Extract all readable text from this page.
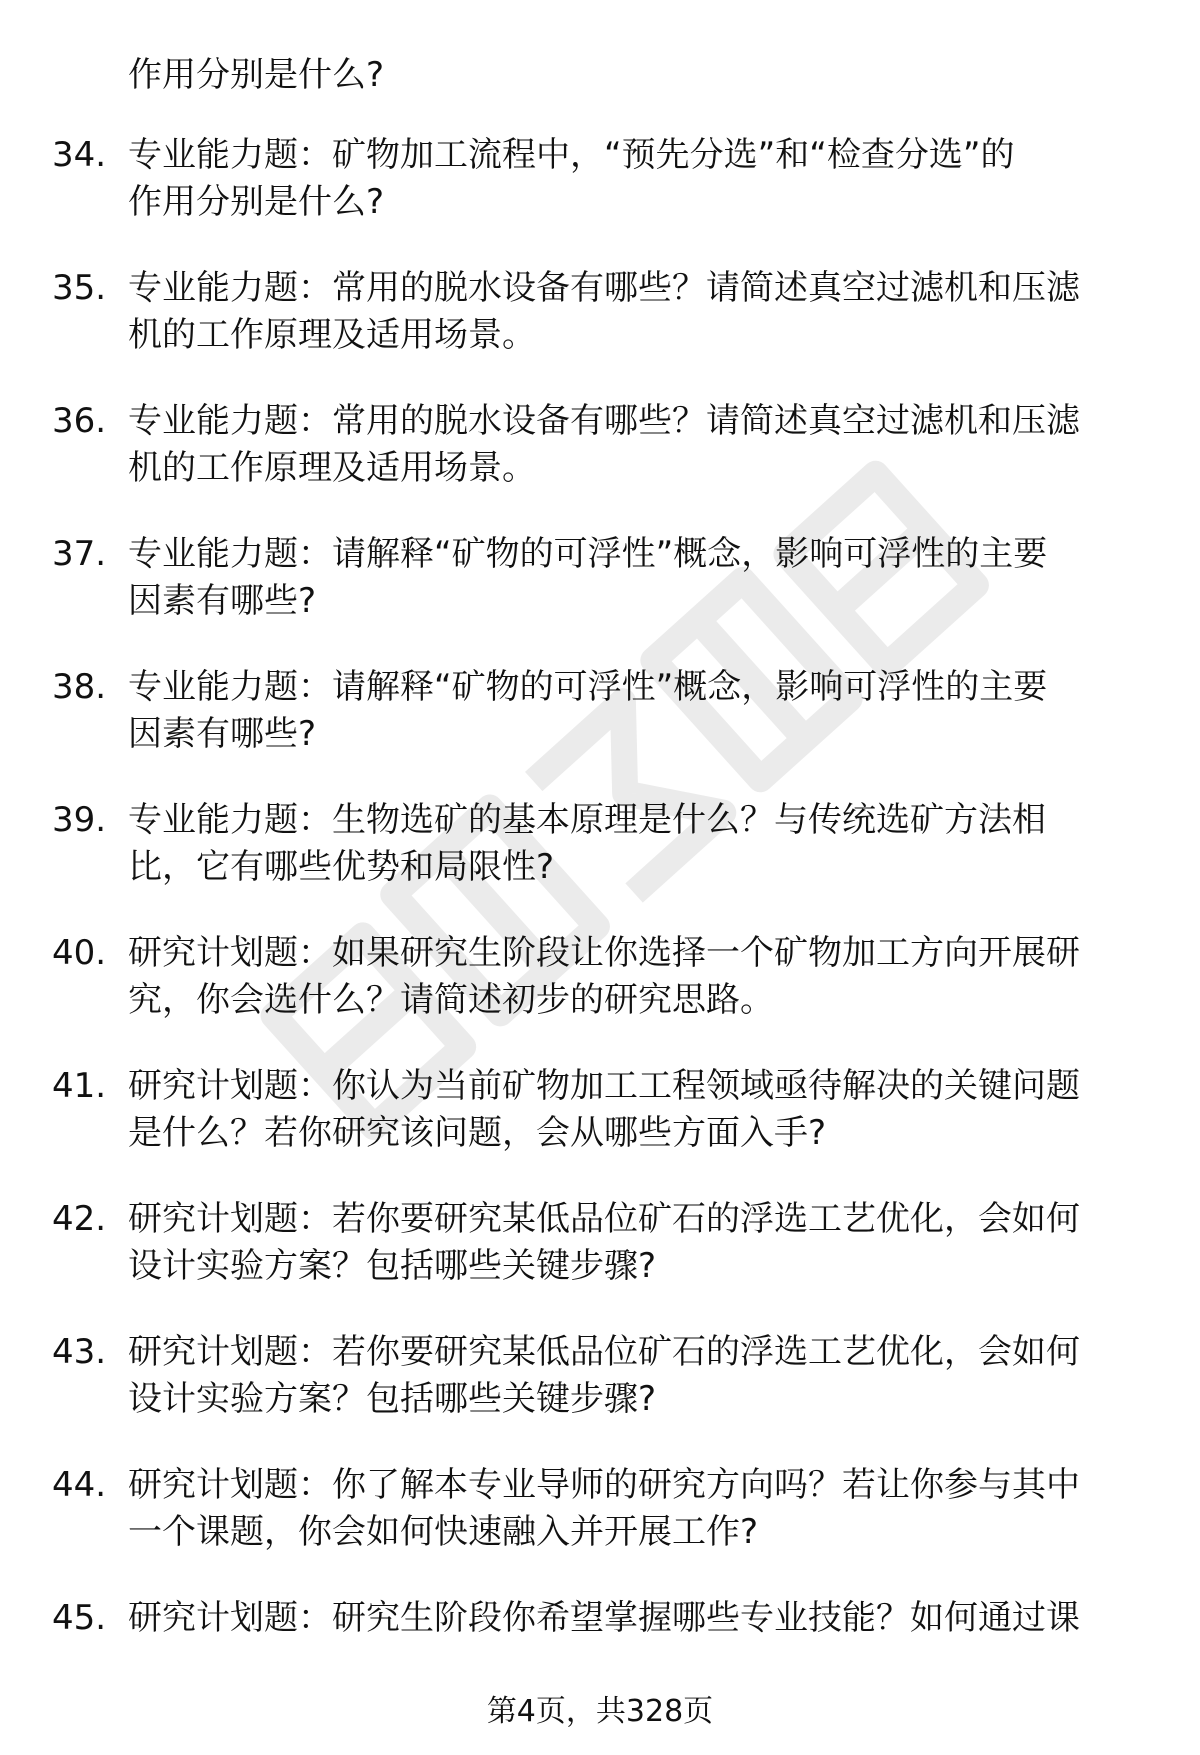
作用分别是什么?
34. 专业能力题：矿物加工流程中，“预先分选”和“检查分选”的
作用分别是什么?
35. 专业能力题：常用的脱水设备有哪些？请简述真空过滤机和压滤
机的工作原理及适用场景。
36. 专业能力题：常用的脱水设备有哪些？请简述真空过滤机和压滤
机的工作原理及适用场景。
37. 专业能力题：请解释“矿物的可浮性”概念，影响可浮性的主要
因素有哪些?
38. 专业能力题：请解释“矿物的可浮性”概念，影响可浮性的主要
因素有哪些?
39. 专业能力题：生物选矿的基本原理是什么？与传统选矿方法相
比，它有哪些优势和局限性?
40. 研究计划题：如果研究生阶段让你选择一个矿物加工方向开展研
究，你会选什么？请简述初步的研究思路。
41. 研究计划题：你认为当前矿物加工工程领域亟待解决的关键问题
是什么？若你研究该问题，会从哪些方面入手?
42. 研究计划题：若你要研究某低品位矿石的浮选工艺优化，会如何
设计实验方案？包括哪些关键步骤?
43. 研究计划题：若你要研究某低品位矿石的浮选工艺优化，会如何
设计实验方案？包括哪些关键步骤?
44. 研究计划题：你了解本专业导师的研究方向吗？若让你参与其中
一个课题，你会如何快速融入并开展工作?
45. 研究计划题：研究生阶段你希望掌握哪些专业技能？如何通过课
第4页，共328页
